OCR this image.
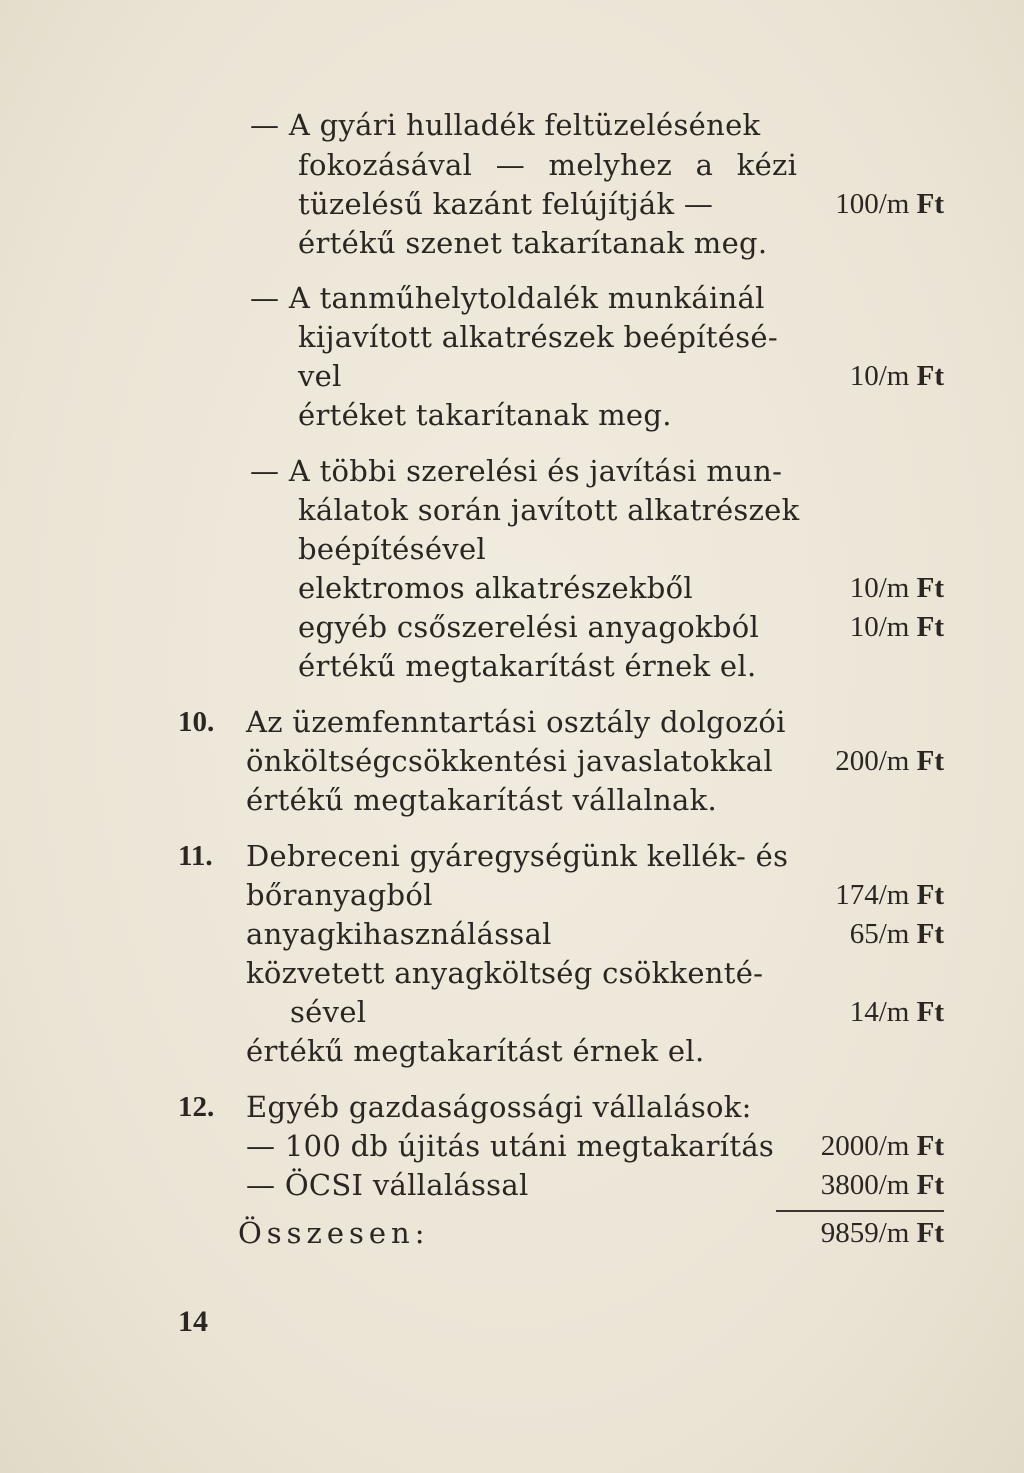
— A gyári hulladék feltüzelésének
fokozásával — melyhez a kézi
tüzelésű kazánt felújítják —	100/m Ft
értékű szenet takarítanak meg.
— A tanműhelytoldalék munkáinál
kijavított alkatrészek beépítésé-
vel	10/m Ft
értéket takarítanak meg.
— A többi szerelési és javítási mun-
kálatok során javított alkatrészek
beépítésével
elektromos alkatrészekből	10/m Ft
egyéb csőszerelési anyagokból	10/m Ft
értékű megtakarítást érnek el.
10. Az üzemfenntartási osztály dolgozói
önköltségcsökkentési javaslatokkal 200/m Ft
értékű megtakarítást vállalnak.
11. Debreceni gyáregységünk kellék- és
bőranyagból	174/m Ft
anyagkihasználással	65/m Ft
közvetett anyagköltség csökkenté-
sével	14/m Ft
értékű megtakarítást érnek el.
12. Egyéb gazdaságossági vállalások:
— 100 db újitás utáni megtakarítás 2000/m Ft
— ÖCSI vállalással	3800/m Ft
Összesen:	9859/m Ft
14
